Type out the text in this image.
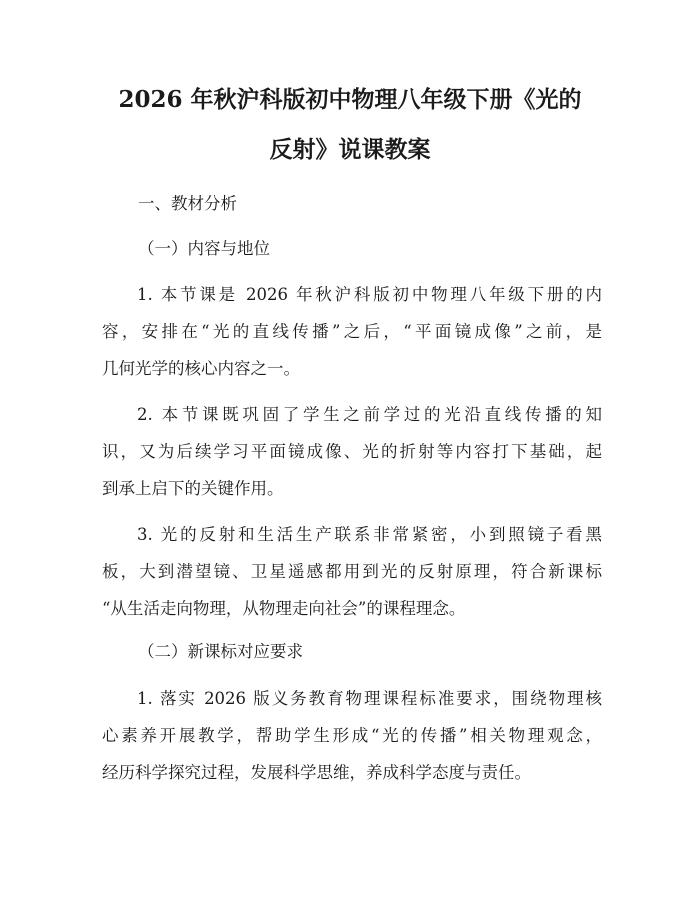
2026 年秋沪科版初中物理八年级下册《光的
反射》说课教案

一、教材分析

（一）内容与地位

1. 本节课是 2026 年秋沪科版初中物理八年级下册的内
容，安排在“光的直线传播”之后，“平面镜成像”之前，是
几何光学的核心内容之一。
2. 本节课既巩固了学生之前学过的光沿直线传播的知
识，又为后续学习平面镜成像、光的折射等内容打下基础，起
到承上启下的关键作用。
3. 光的反射和生活生产联系非常紧密，小到照镜子看黑
板，大到潜望镜、卫星遥感都用到光的反射原理，符合新课标
“从生活走向物理，从物理走向社会”的课程理念。

（二）新课标对应要求

1. 落实 2026 版义务教育物理课程标准要求，围绕物理核
心素养开展教学，帮助学生形成“光的传播”相关物理观念，
经历科学探究过程，发展科学思维，养成科学态度与责任。
